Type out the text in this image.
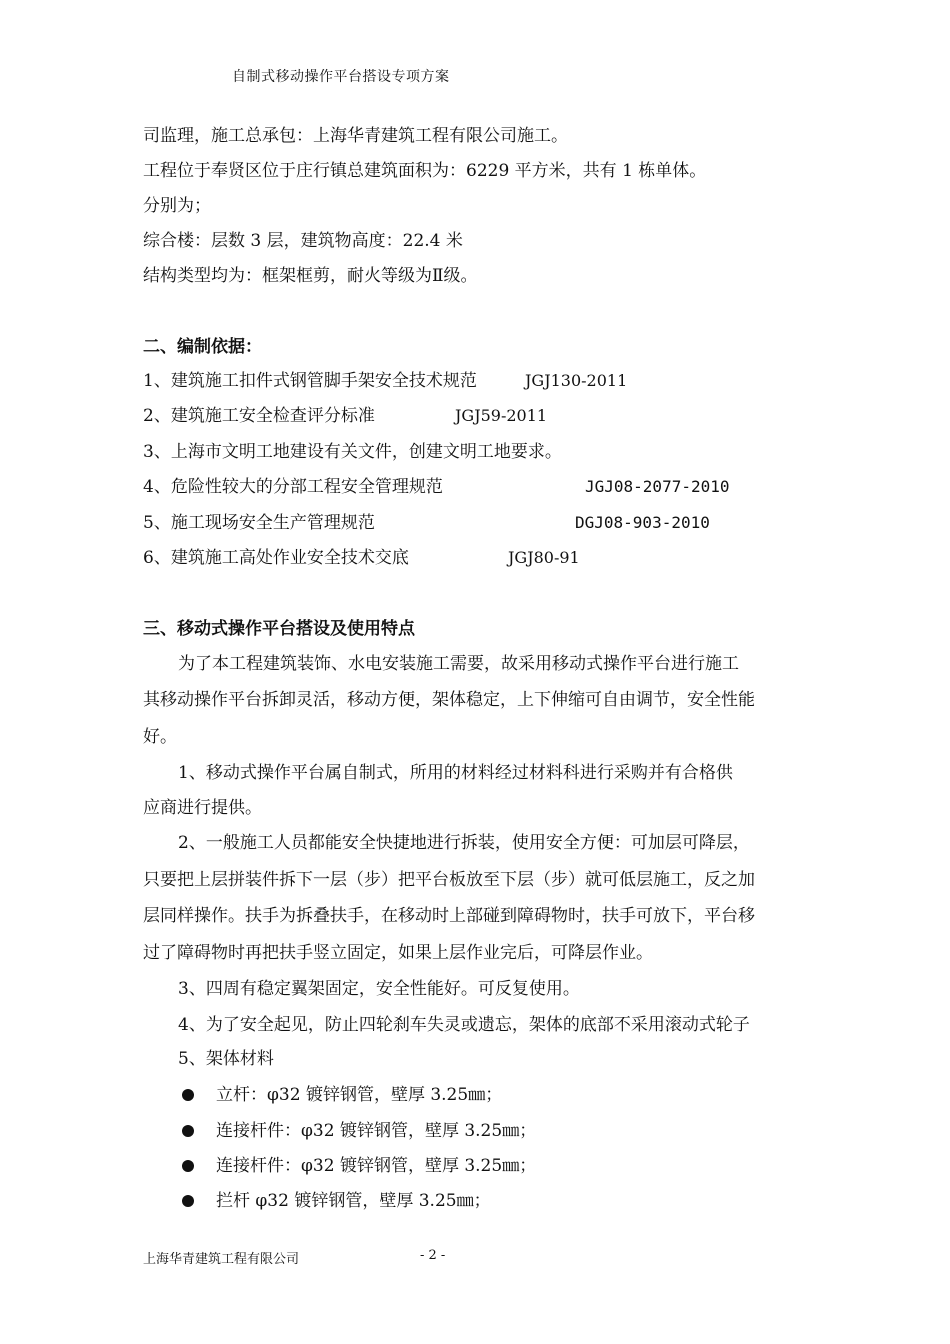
自制式移动操作平台搭设专项方案
司监理，施工总承包：上海华青建筑工程有限公司施工。
工程位于奉贤区位于庄行镇总建筑面积为：6229 平方米，共有 1 栋单体。
分别为；
综合楼：层数 3 层，建筑物高度：22.4 米
结构类型均为：框架框剪，耐火等级为Ⅱ级。
二、编制依据：
1、建筑施工扣件式钢管脚手架安全技术规范	JGJ130-2011
2、建筑施工安全检查评分标准	JGJ59-2011
3、上海市文明工地建设有关文件，创建文明工地要求。
4、危险性较大的分部工程安全管理规范	JGJ08-2077-2010
5、施工现场安全生产管理规范	DGJ08-903-2010
6、建筑施工高处作业安全技术交底	JGJ80-91
三、移动式操作平台搭设及使用特点
为了本工程建筑装饰、水电安装施工需要，故采用移动式操作平台进行施工
其移动操作平台拆卸灵活，移动方便，架体稳定，上下伸缩可自由调节，安全性能
好。
1、移动式操作平台属自制式，所用的材料经过材料科进行采购并有合格供
应商进行提供。
2、一般施工人员都能安全快捷地进行拆装，使用安全方便：可加层可降层，
只要把上层拼装件拆下一层（步）把平台板放至下层（步）就可低层施工，反之加
层同样操作。扶手为拆叠扶手，在移动时上部碰到障碍物时，扶手可放下，平台移
过了障碍物时再把扶手竖立固定，如果上层作业完后，可降层作业。
3、四周有稳定翼架固定，安全性能好。可反复使用。
4、为了安全起见，防止四轮刹车失灵或遗忘，架体的底部不采用滚动式轮子
5、架体材料
立杆：φ32 镀锌钢管，壁厚 3.25㎜；
连接杆件：φ32 镀锌钢管，壁厚 3.25㎜；
连接杆件：φ32 镀锌钢管，壁厚 3.25㎜；
拦杆 φ32 镀锌钢管，壁厚 3.25㎜；
上海华青建筑工程有限公司	- 2 -
